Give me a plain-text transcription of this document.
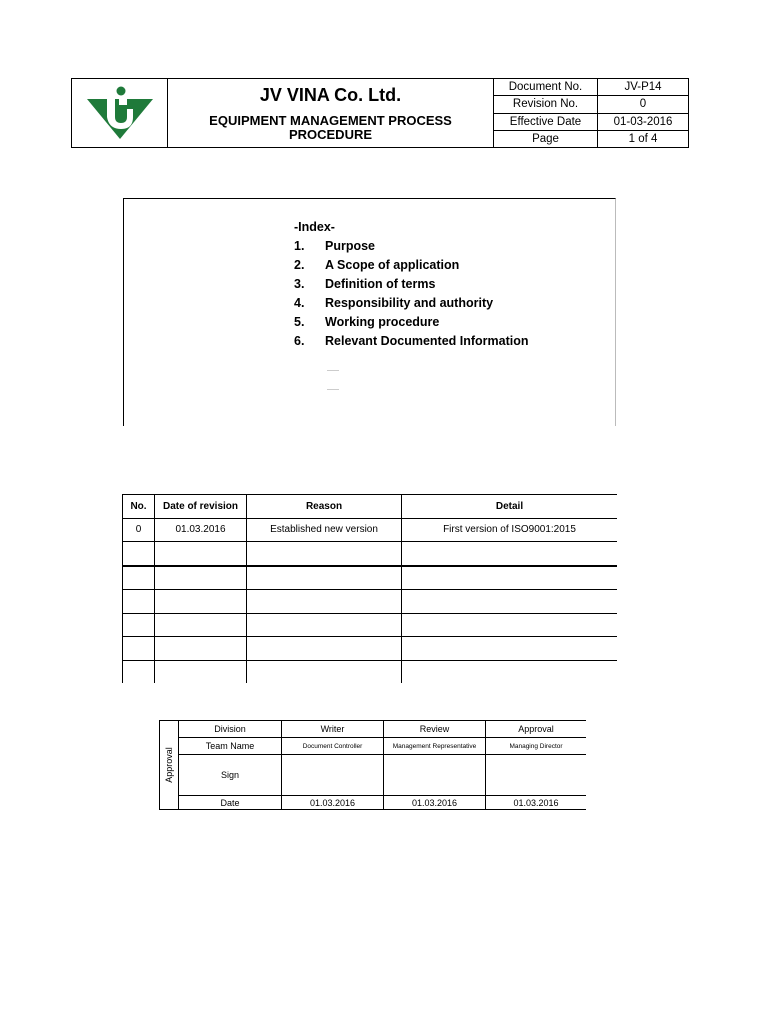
JV VINA Co. Ltd.
EQUIPMENT MANAGEMENT PROCESS
PROCEDURE
Document No.	JV-P14
Revision No.	0
Effective Date	01-03-2016
Page	1 of 4
-Index-
1. Purpose
2. A Scope of application
3. Definition of terms
4. Responsibility and authority
5. Working procedure
6. Relevant Documented Information
No.	Date of revision	Reason	Detail
0	01.03.2016	Established new version	First version of ISO9001:2015

Approval	Division	Writer	Review	Approval
	Team Name	Document Controller	Management Representative	Managing Director
	Sign			
	Date	01.03.2016	01.03.2016	01.03.2016
